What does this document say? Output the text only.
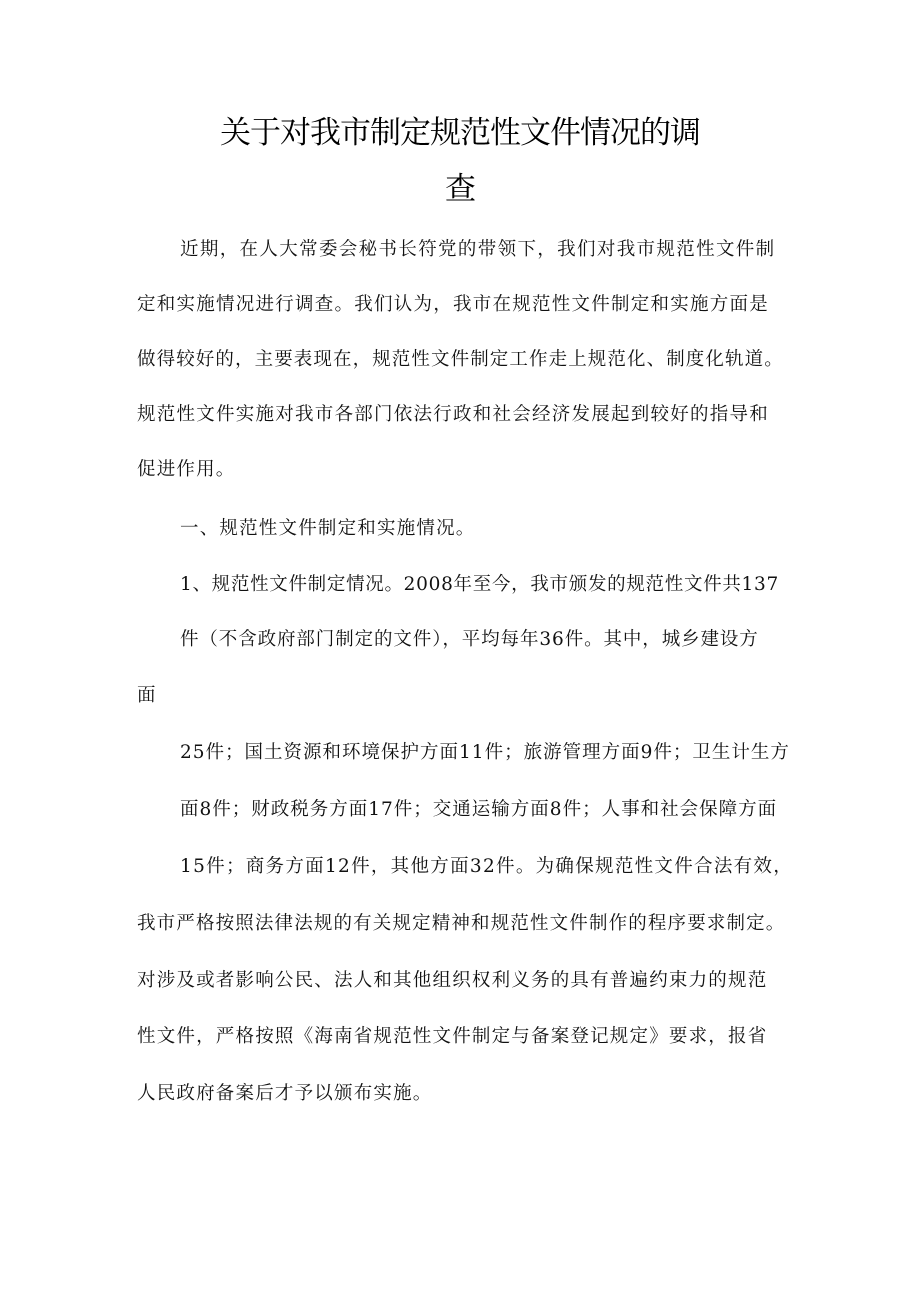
关于对我市制定规范性文件情况的调
查
近期，在人大常委会秘书长符党的带领下，我们对我市规范性文件制
定和实施情况进行调查。我们认为，我市在规范性文件制定和实施方面是
做得较好的，主要表现在，规范性文件制定工作走上规范化、制度化轨道。
规范性文件实施对我市各部门依法行政和社会经济发展起到较好的指导和
促进作用。
一、规范性文件制定和实施情况。
1、规范性文件制定情况。2008年至今，我市颁发的规范性文件共137
件（不含政府部门制定的文件），平均每年36件。其中，城乡建设方
面
25件；国土资源和环境保护方面11件；旅游管理方面9件；卫生计生方
面8件；财政税务方面17件；交通运输方面8件；人事和社会保障方面
15件；商务方面12件，其他方面32件。为确保规范性文件合法有效，
我市严格按照法律法规的有关规定精神和规范性文件制作的程序要求制定。
对涉及或者影响公民、法人和其他组织权利义务的具有普遍约束力的规范
性文件，严格按照《海南省规范性文件制定与备案登记规定》要求，报省
人民政府备案后才予以颁布实施。
